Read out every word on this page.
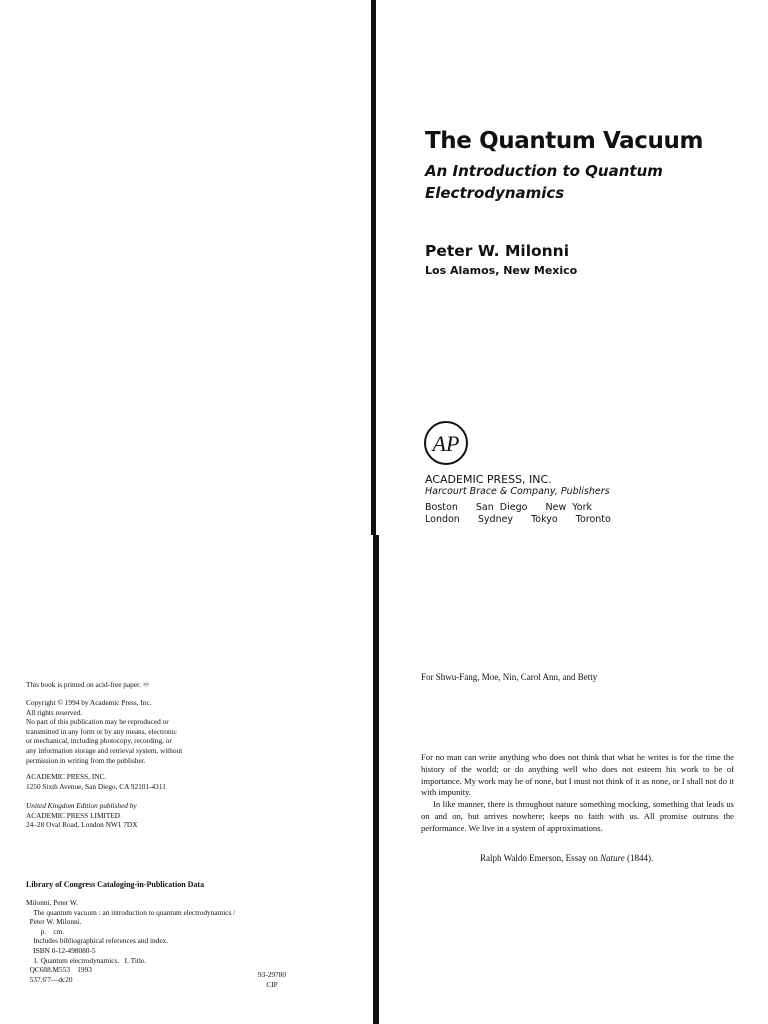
The Quantum Vacuum
An Introduction to Quantum Electrodynamics
Peter W. Milonni
Los Alamos, New Mexico
AP
ACADEMIC PRESS, INC.
Harcourt Brace & Company, Publishers
Boston   San Diego   New York
London   Sydney   Tokyo   Toronto
For Shwu-Fang, Moe, Nin, Carol Ann, and Betty

For no man can write anything who does not think that what he writes is for the time the history of the world; or do anything well who does not esteem his work to be of importance. My work may be of none, but I must not think of it as none, or I shall not do it with impunity.

In like manner, there is throughout nature something mocking, something that leads us on and on, but arrives nowhere; keeps no faith with us. All promise outruns the performance. We live in a system of approximations.

Ralph Waldo Emerson, Essay on Nature (1844).
This book is printed on acid-free paper. ♾
Copyright © 1994 by Academic Press, Inc.
All rights reserved.
No part of this publication may be reproduced or
transmitted in any form or by any means, electronic
or mechanical, including photocopy, recording, or
any information storage and retrieval system, without
permission in writing from the publisher.
ACADEMIC PRESS, INC.
1250 Sixth Avenue, San Diego, CA 92101-4311
United Kingdom Edition published by
ACADEMIC PRESS LIMITED
24–28 Oval Road, London NW1 7DX
Library of Congress Cataloging-in-Publication Data
Milonni, Peter W.
The quantum vacuum : an introduction to quantum electrodynamics /
Peter W. Milonni.
p.    cm.
Includes bibliographical references and index.
ISBN 0-12-498080-5
1. Quantum electrodynamics.   I. Title.
QC688.M553    1993
537.6'7—dc20
93-29780
CIP
